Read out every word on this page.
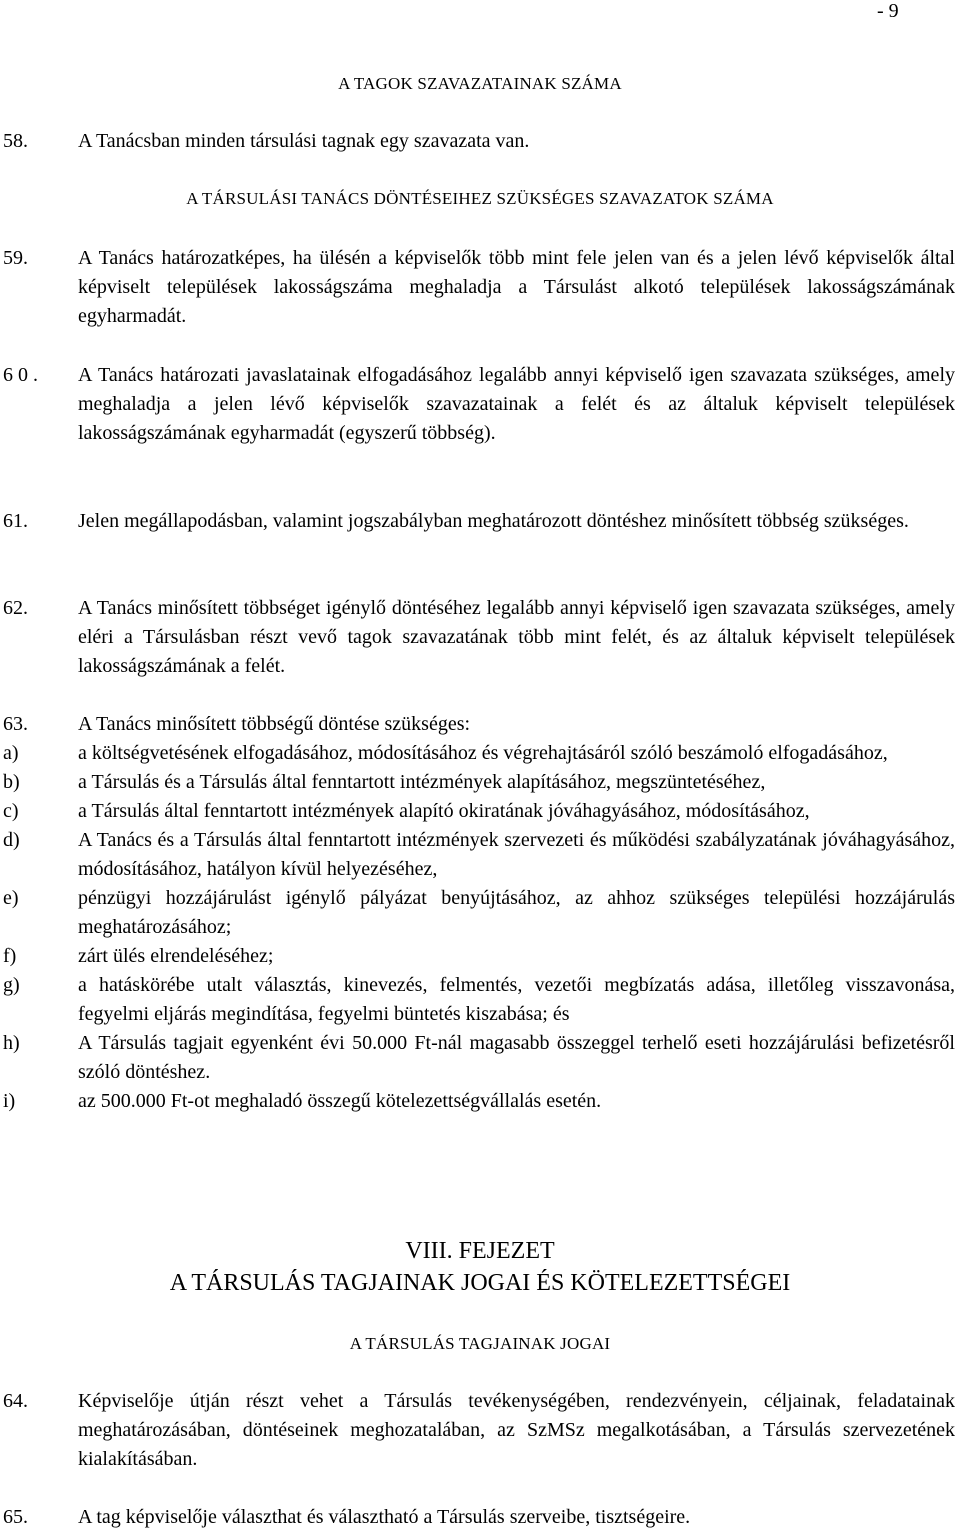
- 9
A TAGOK SZAVAZATAINAK SZÁMA
58.	A Tanácsban minden társulási tagnak egy szavazata van.
A TÁRSULÁSI TANÁCS DÖNTÉSEIHEZ SZÜKSÉGES SZAVAZATOK SZÁMA
59.	A Tanács határozatképes, ha ülésén a képviselők több mint fele jelen van és a jelen lévő képviselők által képviselt települések lakosságszáma meghaladja a Társulást alkotó települések lakosságszámának egyharmadát.
6 0 . A Tanács határozati javaslatainak elfogadásához legalább annyi képviselő igen szavazata szükséges, amely meghaladja a jelen lévő képviselők szavazatainak a felét és az általuk képviselt települések lakosságszámának egyharmadát (egyszerű többség).
61.	Jelen megállapodásban, valamint jogszabályban meghatározott döntéshez minősített többség szükséges.
62.	A Tanács minősített többséget igénylő döntéséhez legalább annyi képviselő igen szavazata szükséges, amely eléri a Társulásban részt vevő tagok szavazatának több mint felét, és az általuk képviselt települések lakosságszámának a felét.
63.	A Tanács minősített többségű döntése szükséges:
a)	a költségvetésének elfogadásához, módosításához és végrehajtásáról szóló beszámoló elfogadásához,
b)	a Társulás és a Társulás által fenntartott intézmények alapításához, megszüntetéséhez,
c)	a Társulás által fenntartott intézmények alapító okiratának jóváhagyásához, módosításához,
d)	A Tanács és a Társulás által fenntartott intézmények szervezeti és működési szabályzatának jóváhagyásához, módosításához, hatályon kívül helyezéséhez,
e)	pénzügyi hozzájárulást igénylő pályázat benyújtásához, az ahhoz szükséges települési hozzájárulás meghatározásához;
f)	zárt ülés elrendeléséhez;
g)	a hatáskörébe utalt választás, kinevezés, felmentés, vezetői megbízatás adása, illetőleg visszavonása, fegyelmi eljárás megindítása, fegyelmi büntetés kiszabása; és
h)	A Társulás tagjait egyenként évi 50.000 Ft-nál magasabb összeggel terhelő eseti hozzájárulási befizetésről szóló döntéshez.
i)	az 500.000 Ft-ot meghaladó összegű kötelezettségvállalás esetén.
VIII. FEJEZET
A TÁRSULÁS TAGJAINAK JOGAI ÉS KÖTELEZETTSÉGEI
A TÁRSULÁS TAGJAINAK JOGAI
64.	Képviselője útján részt vehet a Társulás tevékenységében, rendezvényein, céljainak, feladatainak meghatározásában, döntéseinek meghozatalában, az SzMSz megalkotásában, a Társulás szervezetének kialakításában.
65.	A tag képviselője választhat és választható a Társulás szerveibe, tisztségeire.
